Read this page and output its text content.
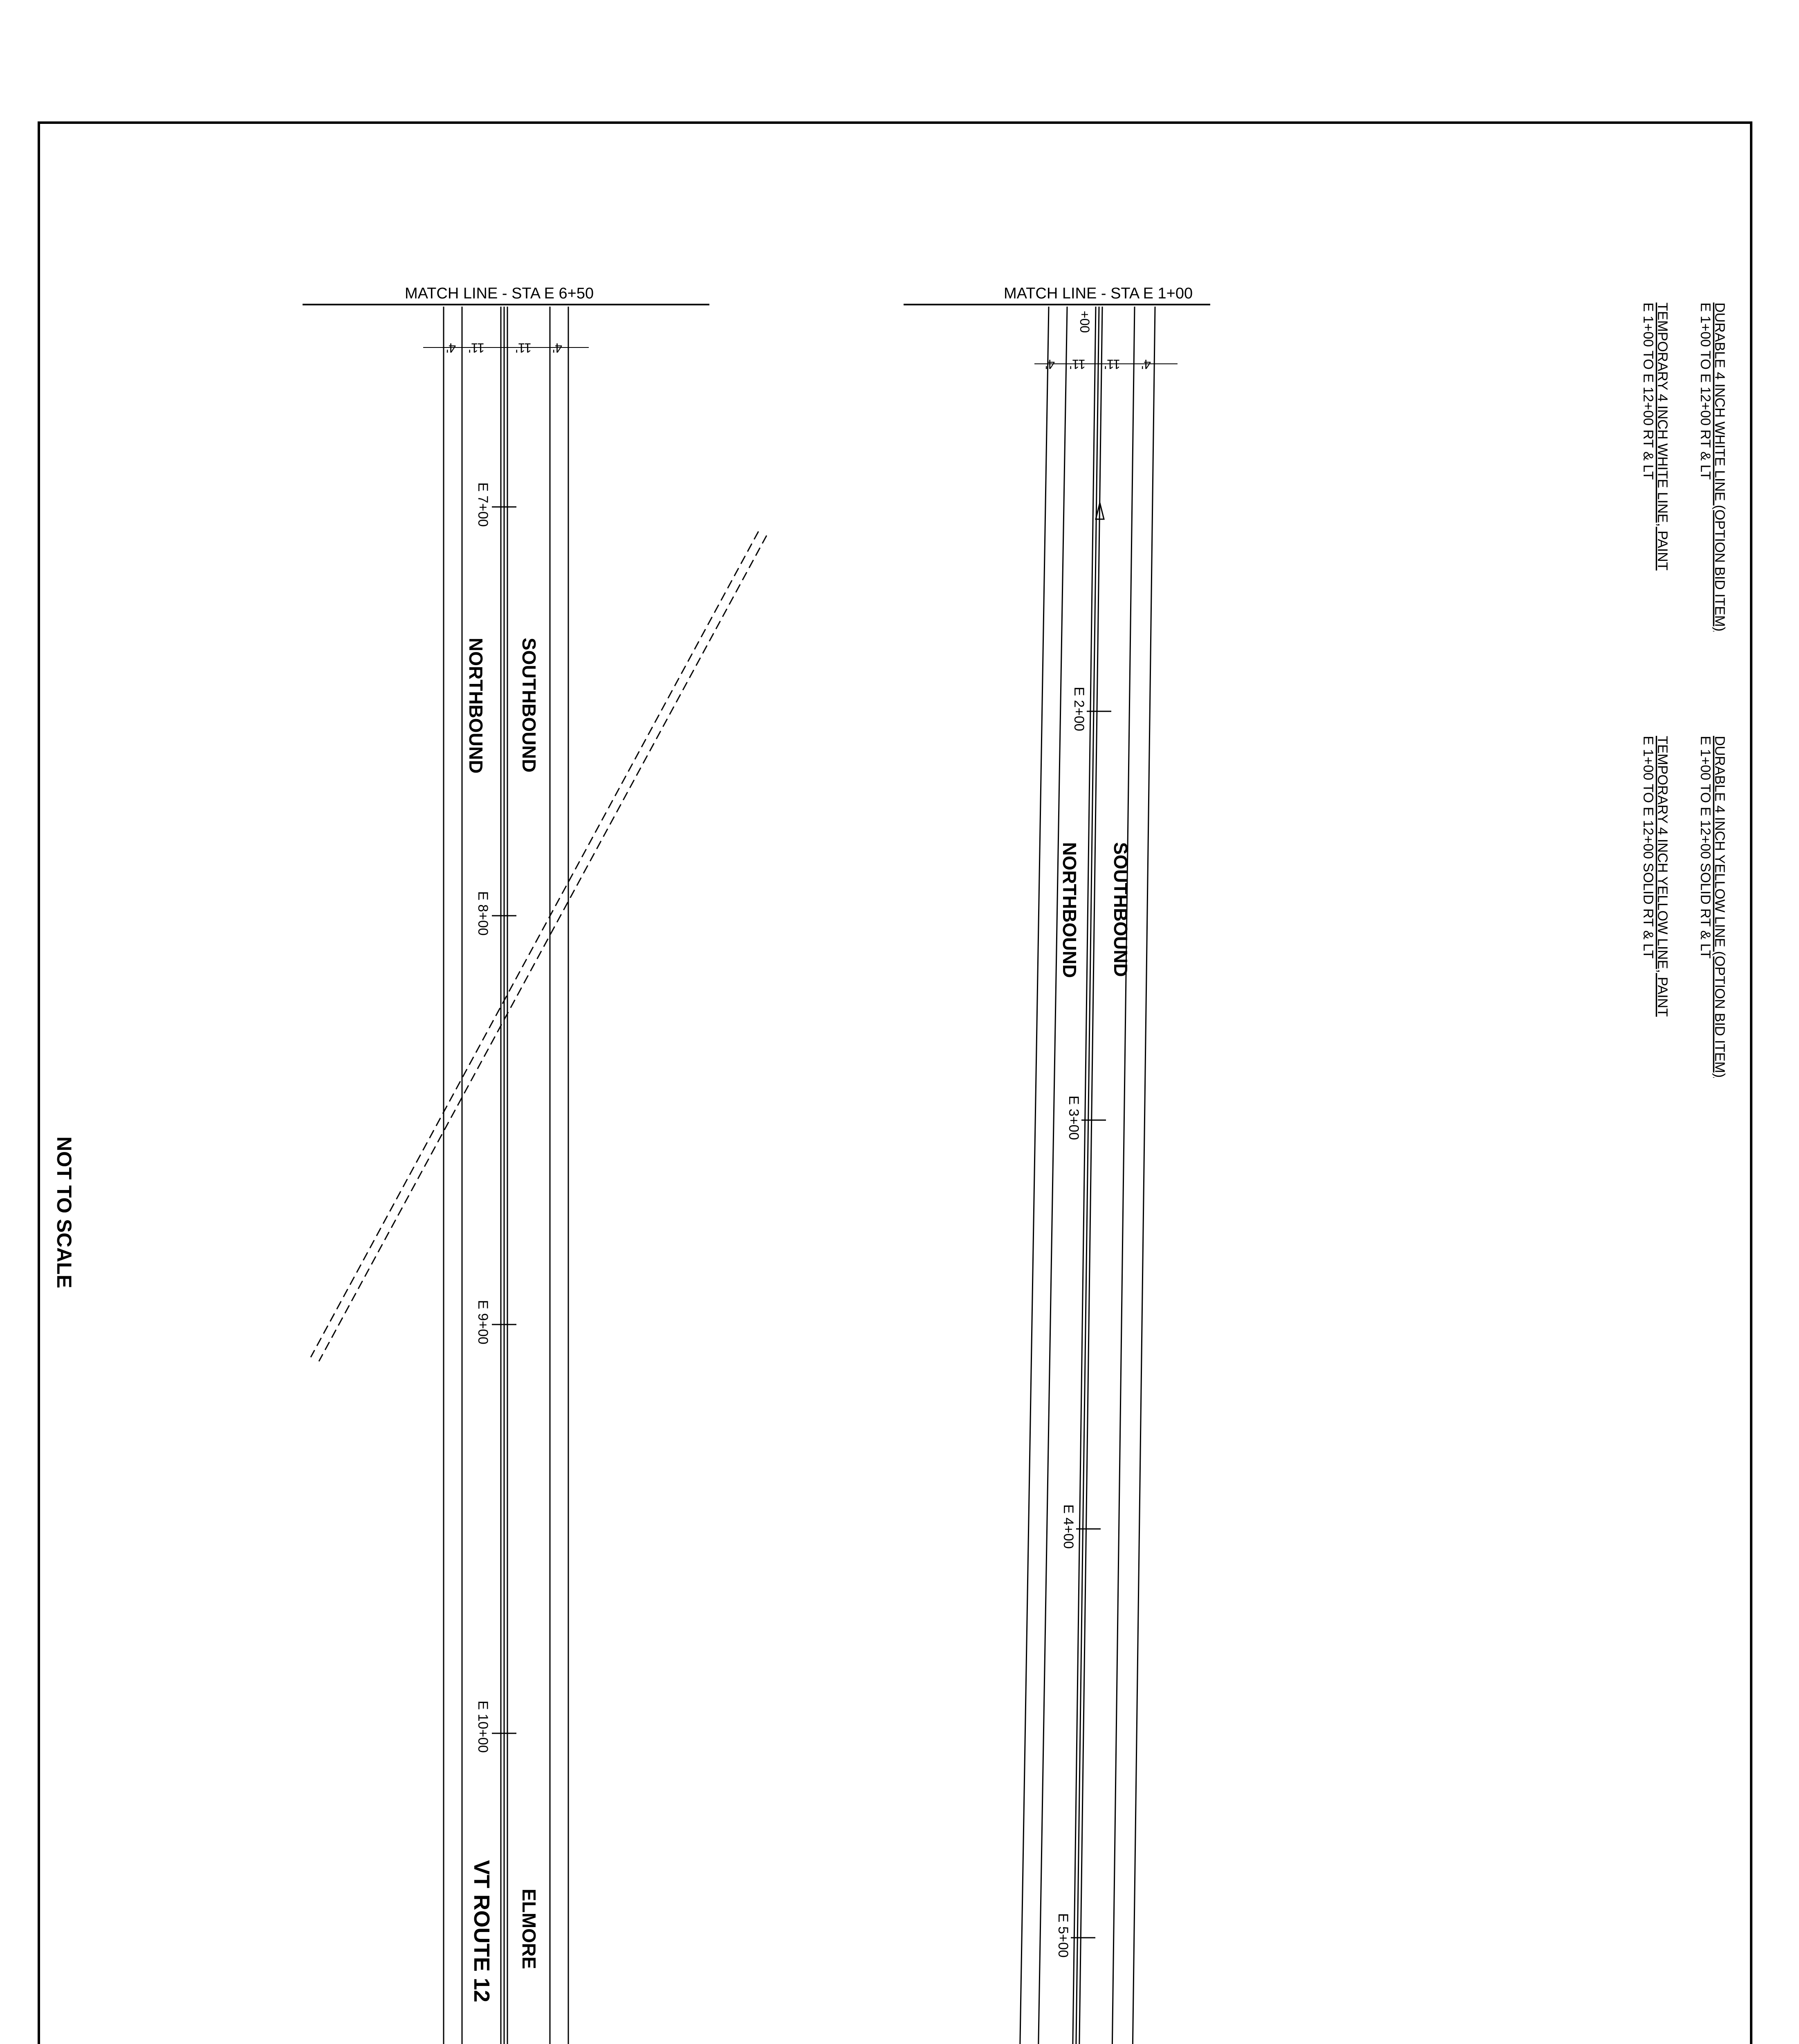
NOT TO SCALE
DURABLE 4 INCH WHITE LINE (OPTION BID ITEM)
E 1+00 TO E 12+00 RT & LT
TEMPORARY 4 INCH WHITE LINE, PAINT
E 1+00 TO E 12+00 RT & LT
DURABLE 4 INCH YELLOW LINE (OPTION BID ITEM)
E 1+00 TO E 12+00 SOLID RT & LT
TEMPORARY 4 INCH YELLOW LINE, PAINT
E 1+00 TO E 12+00 SOLID RT & LT
MATCH LINE - STA E 1+00
4' 11' 11' 4'
+00
E 2+00
E 3+00
E 4+00
E 5+00
SOUTHBOUND
NORTHBOUND
MATCH LINE - STA E 6+50
4' 11' 11' 4'
E 7+00
E 8+00
E 9+00
E 10+00
SOUTHBOUND
NORTHBOUND
ELMORE
VT ROUTE 12
